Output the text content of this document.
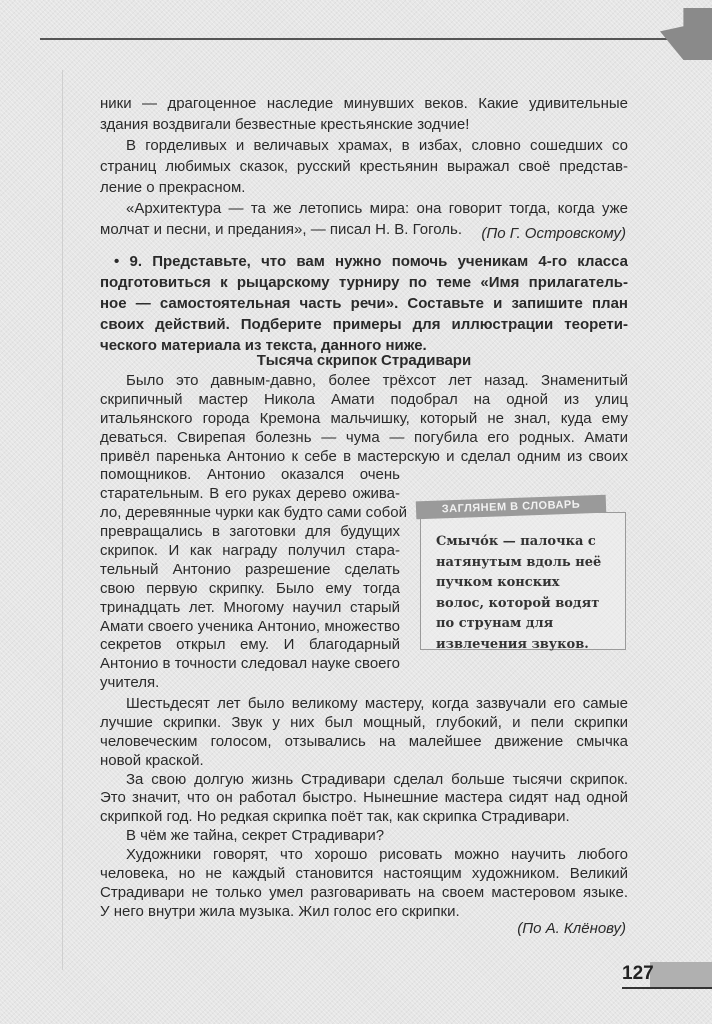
ники — драгоценное наследие минувших веков. Какие удивительные
здания воздвигали безвестные крестьянские зодчие!
В горделивых и величавых храмах, в избах, словно сошедших со
страниц любимых сказок, русский крестьянин выражал своё представ-
ление о прекрасном.
«Архитектура — та же летопись мира: она говорит тогда, когда уже
молчат и песни, и предания», — писал Н. В. Гоголь.	(По Г. Островскому)
• 9. Представьте, что вам нужно помочь ученикам 4-го класса
подготовиться к рыцарскому турниру по теме «Имя прилагатель-
ное — самостоятельная часть речи». Составьте и запишите план
своих действий. Подберите примеры для иллюстрации теорети-
ческого материала из текста, данного ниже.
Тысяча скрипок Страдивари
Было это давным-давно, более трёхсот лет назад. Знаменитый
скрипичный мастер Никола Амати подобрал на одной из улиц
итальянского города Кремона мальчишку, который не знал, куда ему
деваться. Свирепая болезнь — чума — погубила его родных. Амати
привёл паренька Антонио к себе в мастерскую и сделал одним из своих
помощников. Антонио оказался очень
старательным. В его руках дерево ожива-
ло, деревянные чурки как будто сами собой
превращались в заготовки для будущих
скрипок. И как награду получил стара-
тельный Антонио разрешение сделать
свою первую скрипку. Было ему тогда
тринадцать лет. Многому научил старый
Амати своего ученика Антонио, множество
секретов открыл ему. И благодарный
Антонио в точности следовал науке своего
учителя.
Шестьдесят лет было великому мастеру, когда зазвучали его самые
лучшие скрипки. Звук у них был мощный, глубокий, и пели скрипки
человеческим голосом, отзывались на малейшее движение смычка
новой краской.
За свою долгую жизнь Страдивари сделал больше тысячи скрипок.
Это значит, что он работал быстро. Нынешние мастера сидят над одной
скрипкой год. Но редкая скрипка поёт так, как скрипка Страдивари.
В чём же тайна, секрет Страдивари?
Художники говорят, что хорошо рисовать можно научить любого
человека, но не каждый становится настоящим художником. Великий
Страдивари не только умел разговаривать на своем мастеровом языке.
У него внутри жила музыка. Жил голос его скрипки.
(По А. Клёнову)
ЗАГЛЯНЕМ В СЛОВАРЬ
Смычо́к — палочка с
натянутым вдоль неё
пучком конских
волос, которой водят
по струнам для
извлечения звуков.
127
